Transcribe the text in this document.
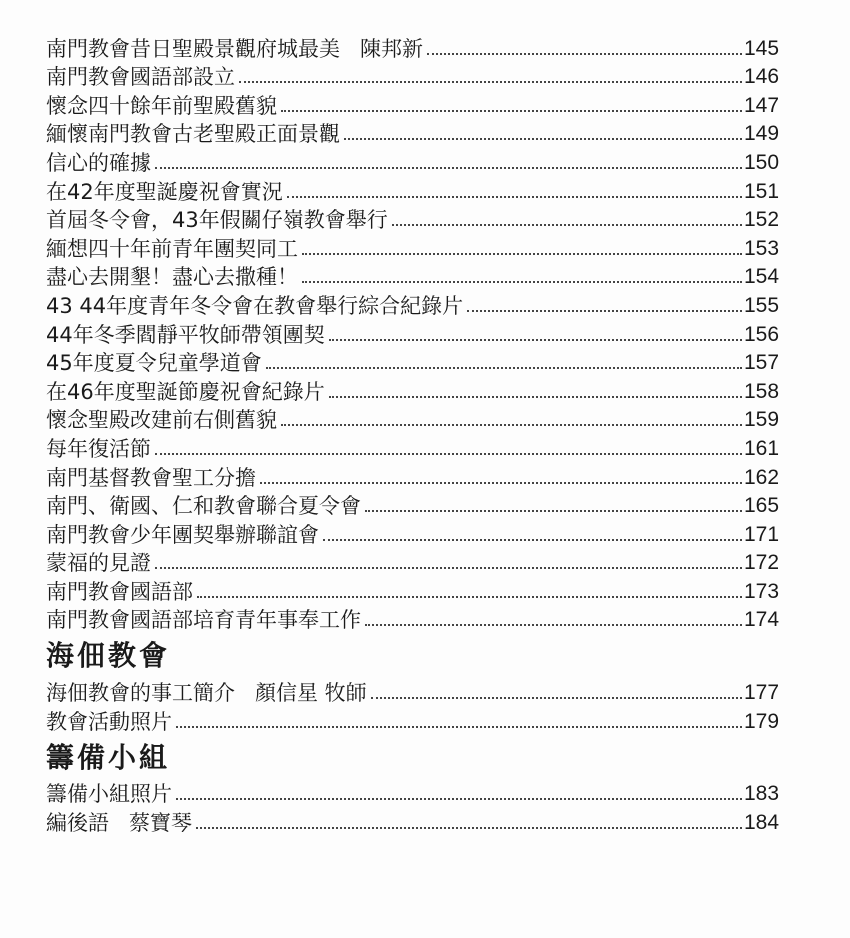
南門教會昔日聖殿景觀府城最美 陳邦新	145
南門教會國語部設立	146
懷念四十餘年前聖殿舊貌	147
緬懷南門教會古老聖殿正面景觀	149
信心的確據	150
在42年度聖誕慶祝會實況	151
首屆冬令會，43年假關仔嶺教會舉行	152
緬想四十年前青年團契同工	153
盡心去開墾！盡心去撒種！	154
43 44年度青年冬令會在教會舉行綜合紀錄片	155
44年冬季閻靜平牧師帶領團契	156
45年度夏令兒童學道會	157
在46年度聖誕節慶祝會紀錄片	158
懷念聖殿改建前右側舊貌	159
每年復活節	161
南門基督教會聖工分擔	162
南門、衛國、仁和教會聯合夏令會	165
南門教會少年團契舉辦聯誼會	171
蒙福的見證	172
南門教會國語部	173
南門教會國語部培育青年事奉工作	174
海佃教會
海佃教會的事工簡介 顏信星 牧師	177
教會活動照片	179
籌備小組
籌備小組照片	183
編後語 蔡寶琴	184
